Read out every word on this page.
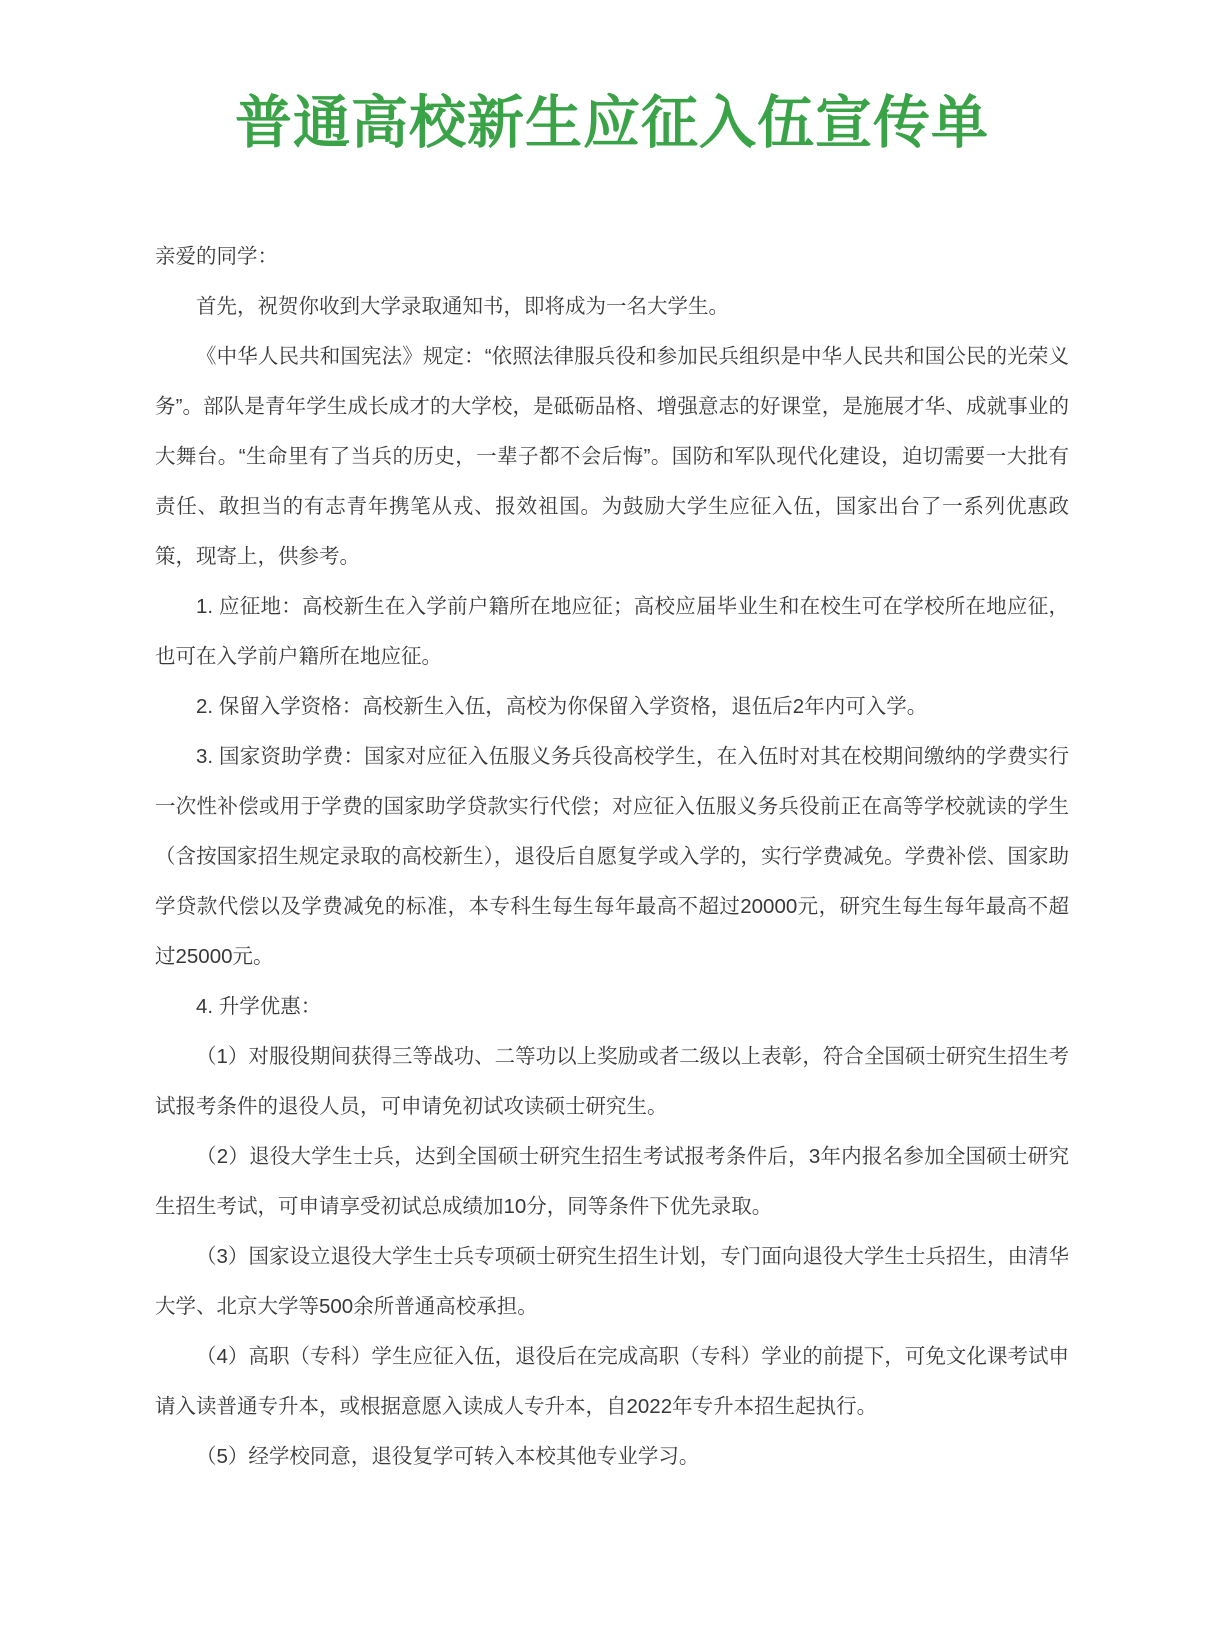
普通高校新生应征入伍宣传单

亲爱的同学：

首先，祝贺你收到大学录取通知书，即将成为一名大学生。

《中华人民共和国宪法》规定：“依照法律服兵役和参加民兵组织是中华人民共和国公民的光荣义务”。部队是青年学生成长成才的大学校，是砥砺品格、增强意志的好课堂，是施展才华、成就事业的大舞台。“生命里有了当兵的历史，一辈子都不会后悔”。国防和军队现代化建设，迫切需要一大批有责任、敢担当的有志青年携笔从戎、报效祖国。为鼓励大学生应征入伍，国家出台了一系列优惠政策，现寄上，供参考。

1. 应征地：高校新生在入学前户籍所在地应征；高校应届毕业生和在校生可在学校所在地应征，也可在入学前户籍所在地应征。

2. 保留入学资格：高校新生入伍，高校为你保留入学资格，退伍后2年内可入学。

3. 国家资助学费：国家对应征入伍服义务兵役高校学生，在入伍时对其在校期间缴纳的学费实行一次性补偿或用于学费的国家助学贷款实行代偿；对应征入伍服义务兵役前正在高等学校就读的学生（含按国家招生规定录取的高校新生），退役后自愿复学或入学的，实行学费减免。学费补偿、国家助学贷款代偿以及学费减免的标准，本专科生每生每年最高不超过20000元，研究生每生每年最高不超过25000元。

4. 升学优惠：

（1）对服役期间获得三等战功、二等功以上奖励或者二级以上表彰，符合全国硕士研究生招生考试报考条件的退役人员，可申请免初试攻读硕士研究生。

（2）退役大学生士兵，达到全国硕士研究生招生考试报考条件后，3年内报名参加全国硕士研究生招生考试，可申请享受初试总成绩加10分，同等条件下优先录取。

（3）国家设立退役大学生士兵专项硕士研究生招生计划，专门面向退役大学生士兵招生，由清华大学、北京大学等500余所普通高校承担。

（4）高职（专科）学生应征入伍，退役后在完成高职（专科）学业的前提下，可免文化课考试申请入读普通专升本，或根据意愿入读成人专升本，自2022年专升本招生起执行。

（5）经学校同意，退役复学可转入本校其他专业学习。
